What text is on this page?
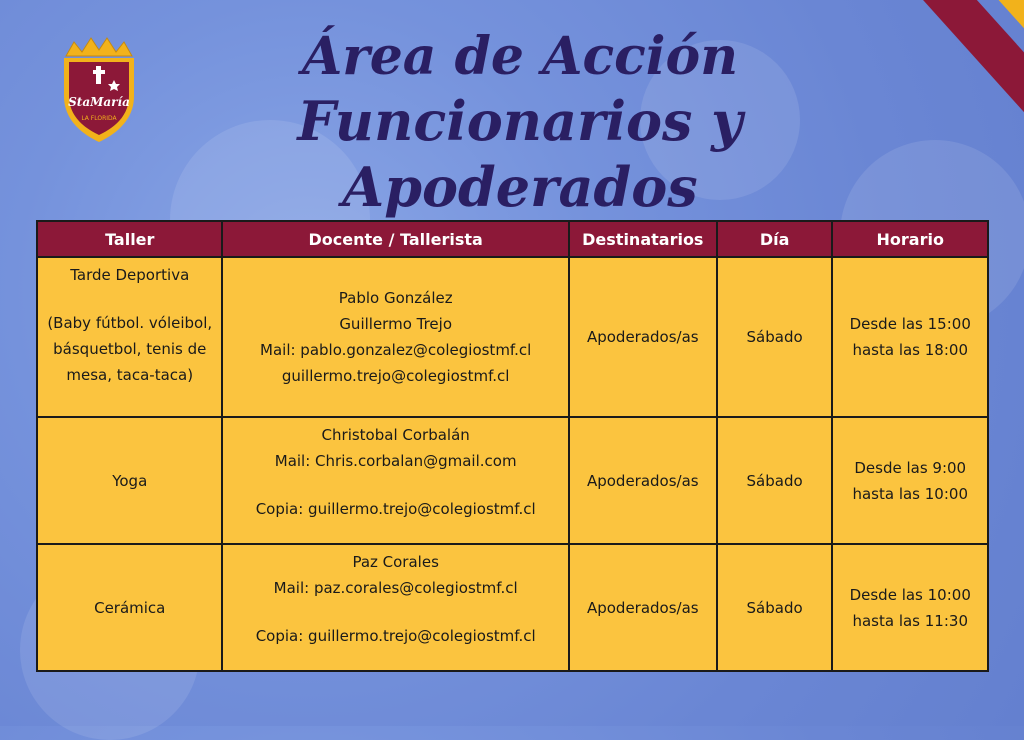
StaMaría
LA FLORIDA
Área de Acción
Funcionarios y Apoderados
Taller	Docente / Tallerista	Destinatarios	Día	Horario

Tarde Deportiva
(Baby fútbol. vóleibol,
básquetbol, tenis de
mesa, taca-taca)	Pablo González
Guillermo Trejo
Mail: pablo.gonzalez@colegiostmf.cl
guillermo.trejo@colegiostmf.cl	Apoderados/as	Sábado	Desde las 15:00
hasta las 18:00

Yoga	Christobal Corbalán
Mail: Chris.corbalan@gmail.com
Copia: guillermo.trejo@colegiostmf.cl	Apoderados/as	Sábado	Desde las 9:00
hasta las 10:00

Cerámica	Paz Corales
Mail: paz.corales@colegiostmf.cl
Copia: guillermo.trejo@colegiostmf.cl	Apoderados/as	Sábado	Desde las 10:00
hasta las 11:30
